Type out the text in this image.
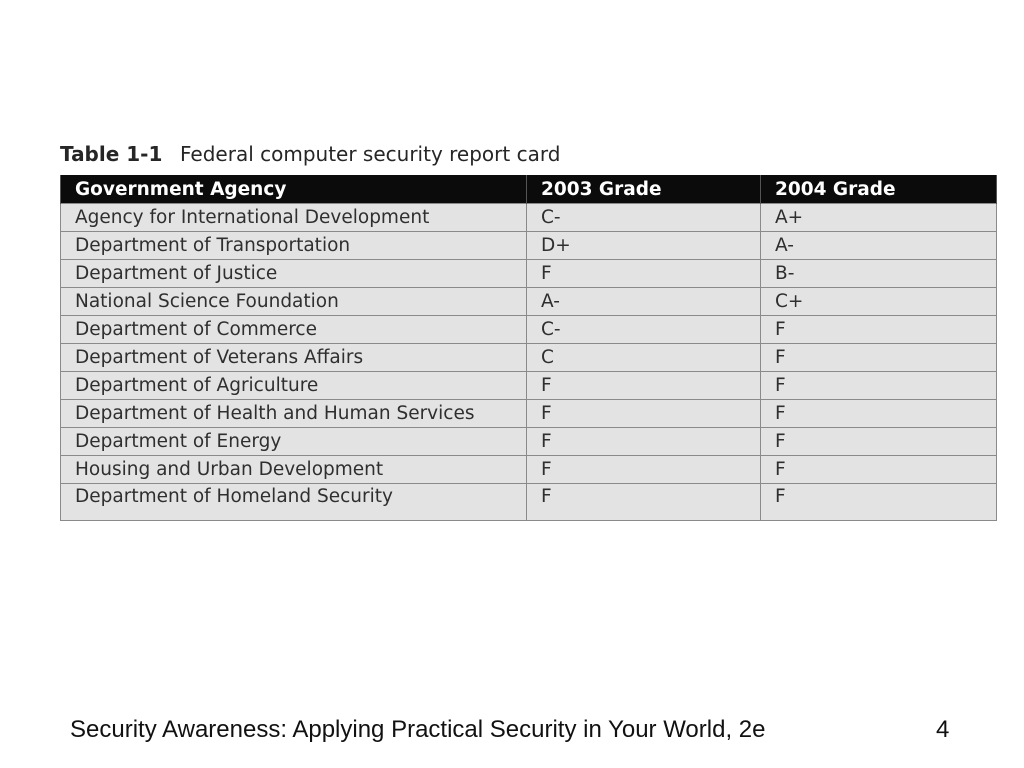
Table 1-1 Federal computer security report card
Government Agency	2003 Grade	2004 Grade
Agency for International Development	C-	A+
Department of Transportation	D+	A-
Department of Justice	F	B-
National Science Foundation	A-	C+
Department of Commerce	C-	F
Department of Veterans Affairs	C	F
Department of Agriculture	F	F
Department of Health and Human Services	F	F
Department of Energy	F	F
Housing and Urban Development	F	F
Department of Homeland Security	F	F
Security Awareness: Applying Practical Security in Your World, 2e	4
